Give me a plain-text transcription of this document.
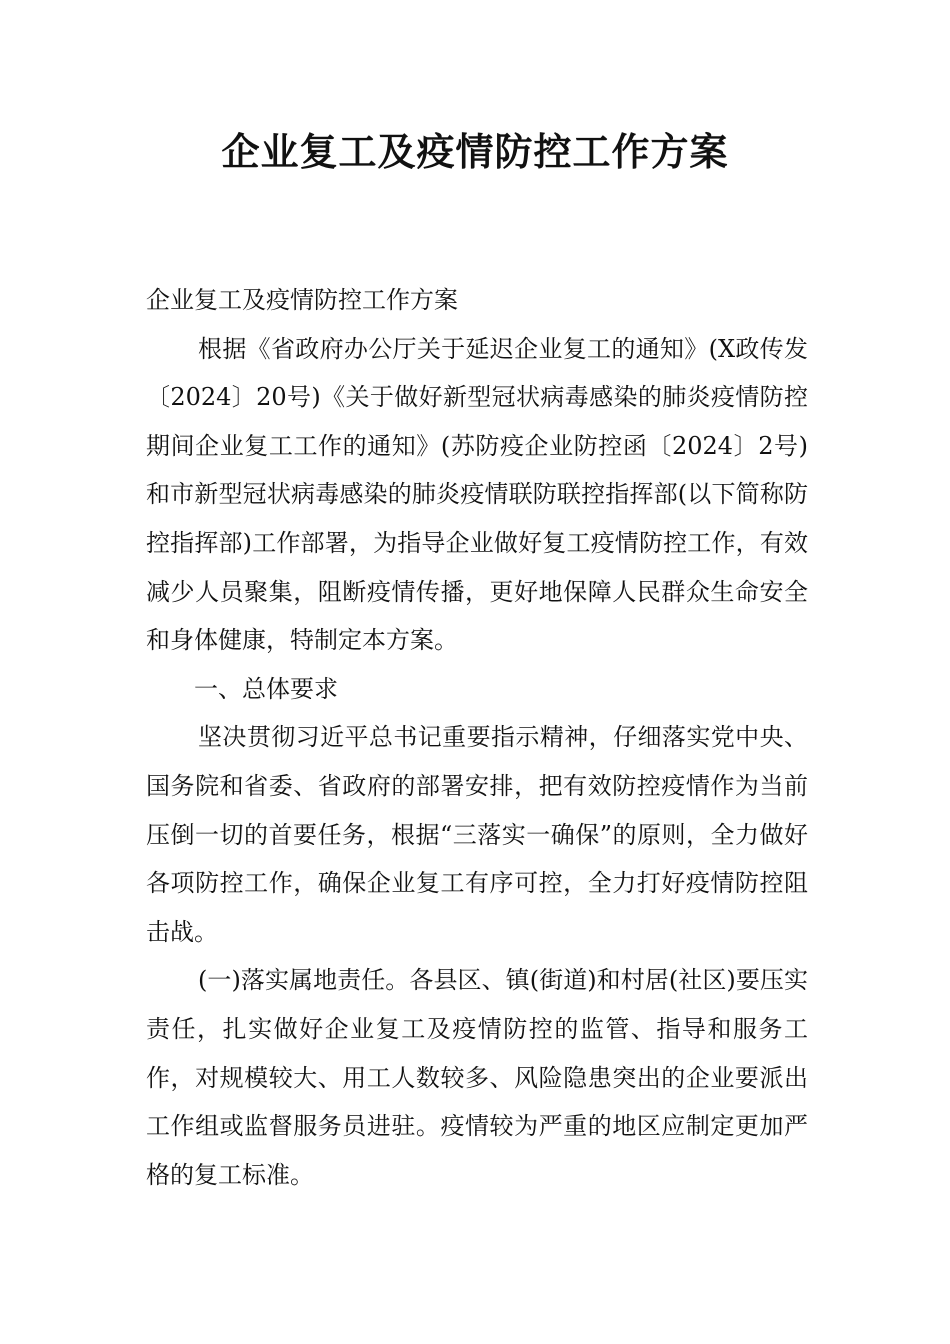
企业复工及疫情防控工作方案

企业复工及疫情防控工作方案

根据《省政府办公厅关于延迟企业复工的通知》(X政传发〔2024〕20号)《关于做好新型冠状病毒感染的肺炎疫情防控期间企业复工工作的通知》(苏防疫企业防控函〔2024〕2号)和市新型冠状病毒感染的肺炎疫情联防联控指挥部(以下简称防控指挥部)工作部署，为指导企业做好复工疫情防控工作，有效减少人员聚集，阻断疫情传播，更好地保障人民群众生命安全和身体健康，特制定本方案。

一、总体要求

坚决贯彻习近平总书记重要指示精神，仔细落实党中央、国务院和省委、省政府的部署安排，把有效防控疫情作为当前压倒一切的首要任务，根据“三落实一确保”的原则，全力做好各项防控工作，确保企业复工有序可控，全力打好疫情防控阻击战。

(一)落实属地责任。各县区、镇(街道)和村居(社区)要压实责任，扎实做好企业复工及疫情防控的监管、指导和服务工作，对规模较大、用工人数较多、风险隐患突出的企业要派出工作组或监督服务员进驻。疫情较为严重的地区应制定更加严格的复工标准。
